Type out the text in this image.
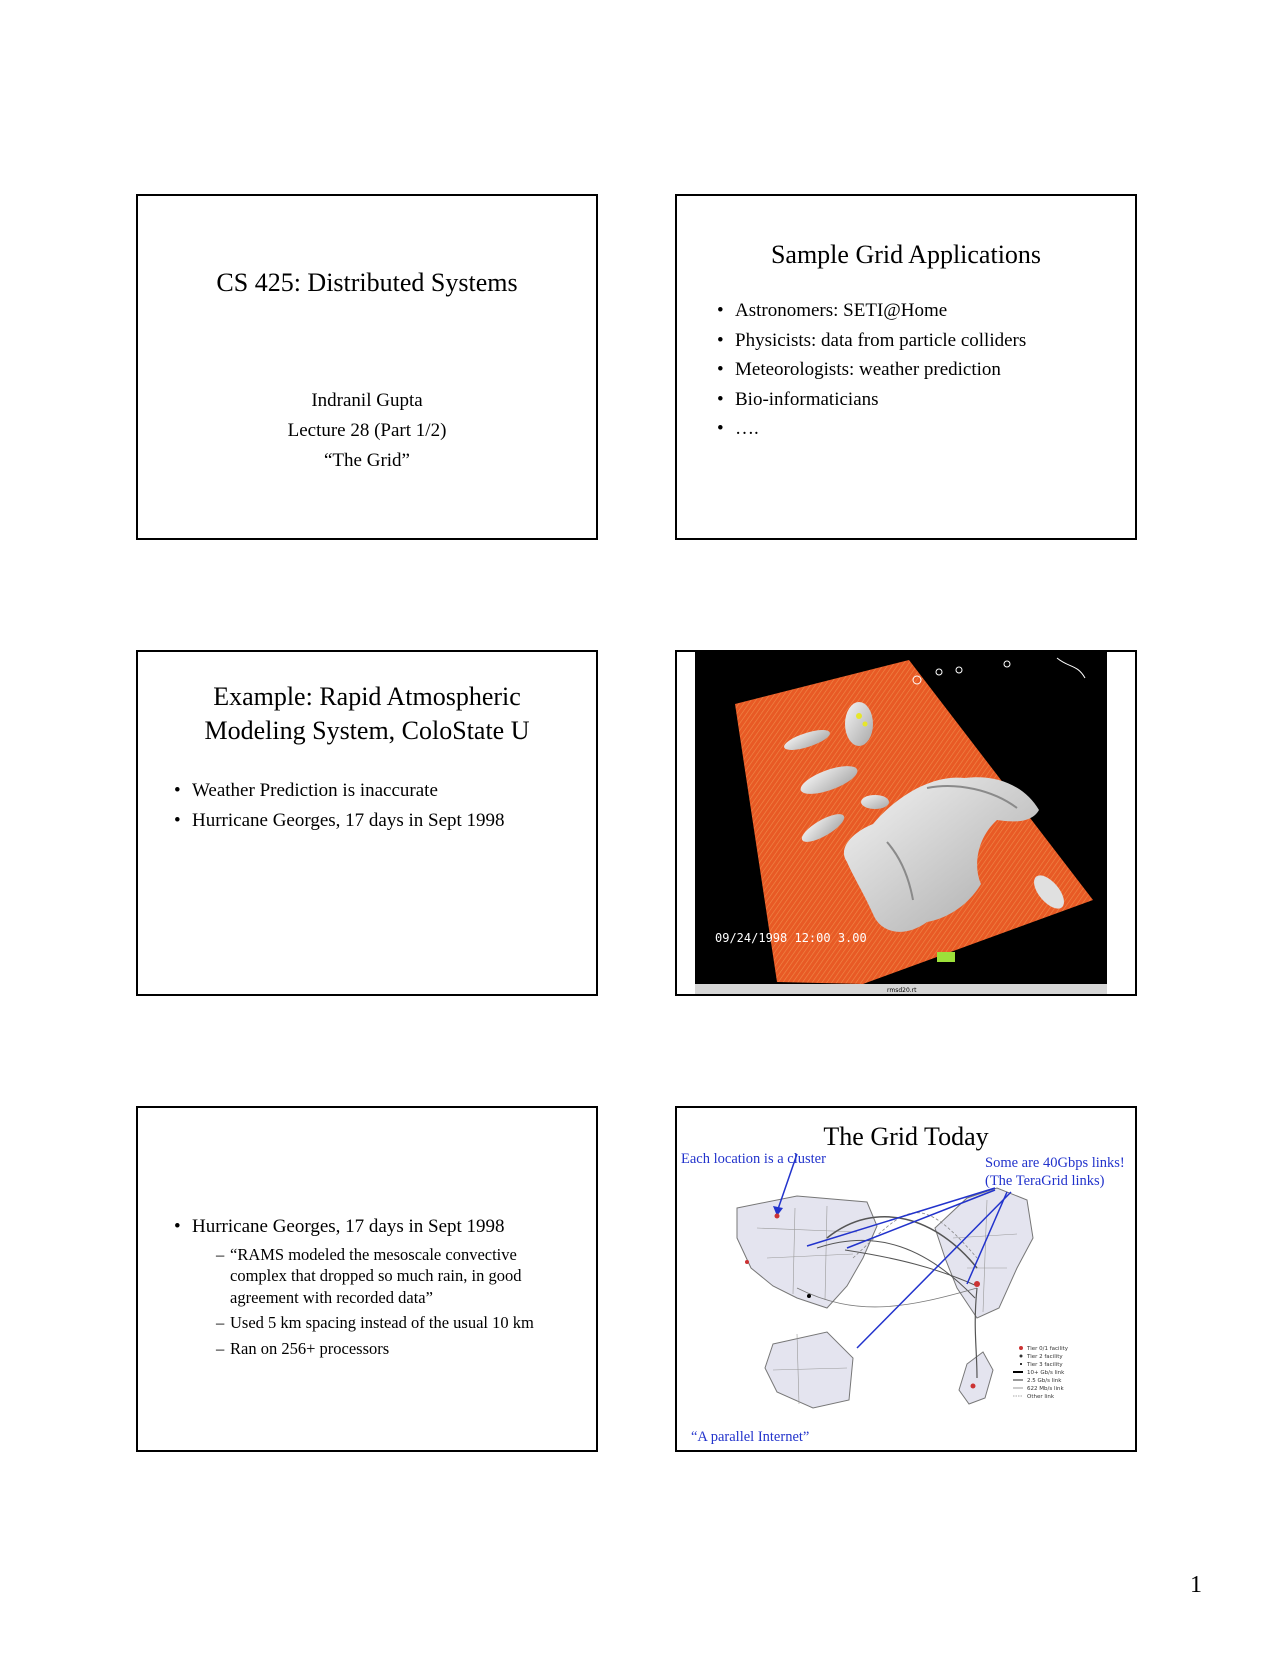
CS 425: Distributed Systems
Indranil Gupta
Lecture 28 (Part 1/2)
“The Grid”
Sample Grid Applications
• Astronomers: SETI@Home
• Physicists: data from particle colliders
• Meteorologists: weather prediction
• Bio-informaticians
• ….
Example: Rapid Atmospheric
Modeling System, ColoState U
• Weather Prediction is inaccurate
• Hurricane Georges, 17 days in Sept 1998
09/24/1998 12:00 3.00
rmsd20.rt
• Hurricane Georges, 17 days in Sept 1998
– “RAMS modeled the mesoscale convective complex that dropped so much rain, in good agreement with recorded data”
– Used 5 km spacing instead of the usual 10 km
– Ran on 256+ processors
The Grid Today
Each location is a cluster	Some are 40Gbps links!
(The TeraGrid links)
“A parallel Internet”
Tier 0/1 facility
Tier 2 facility
Tier 3 facility
10+ Gb/s link
2.5 Gb/s link
622 Mb/s link
Other link
1
